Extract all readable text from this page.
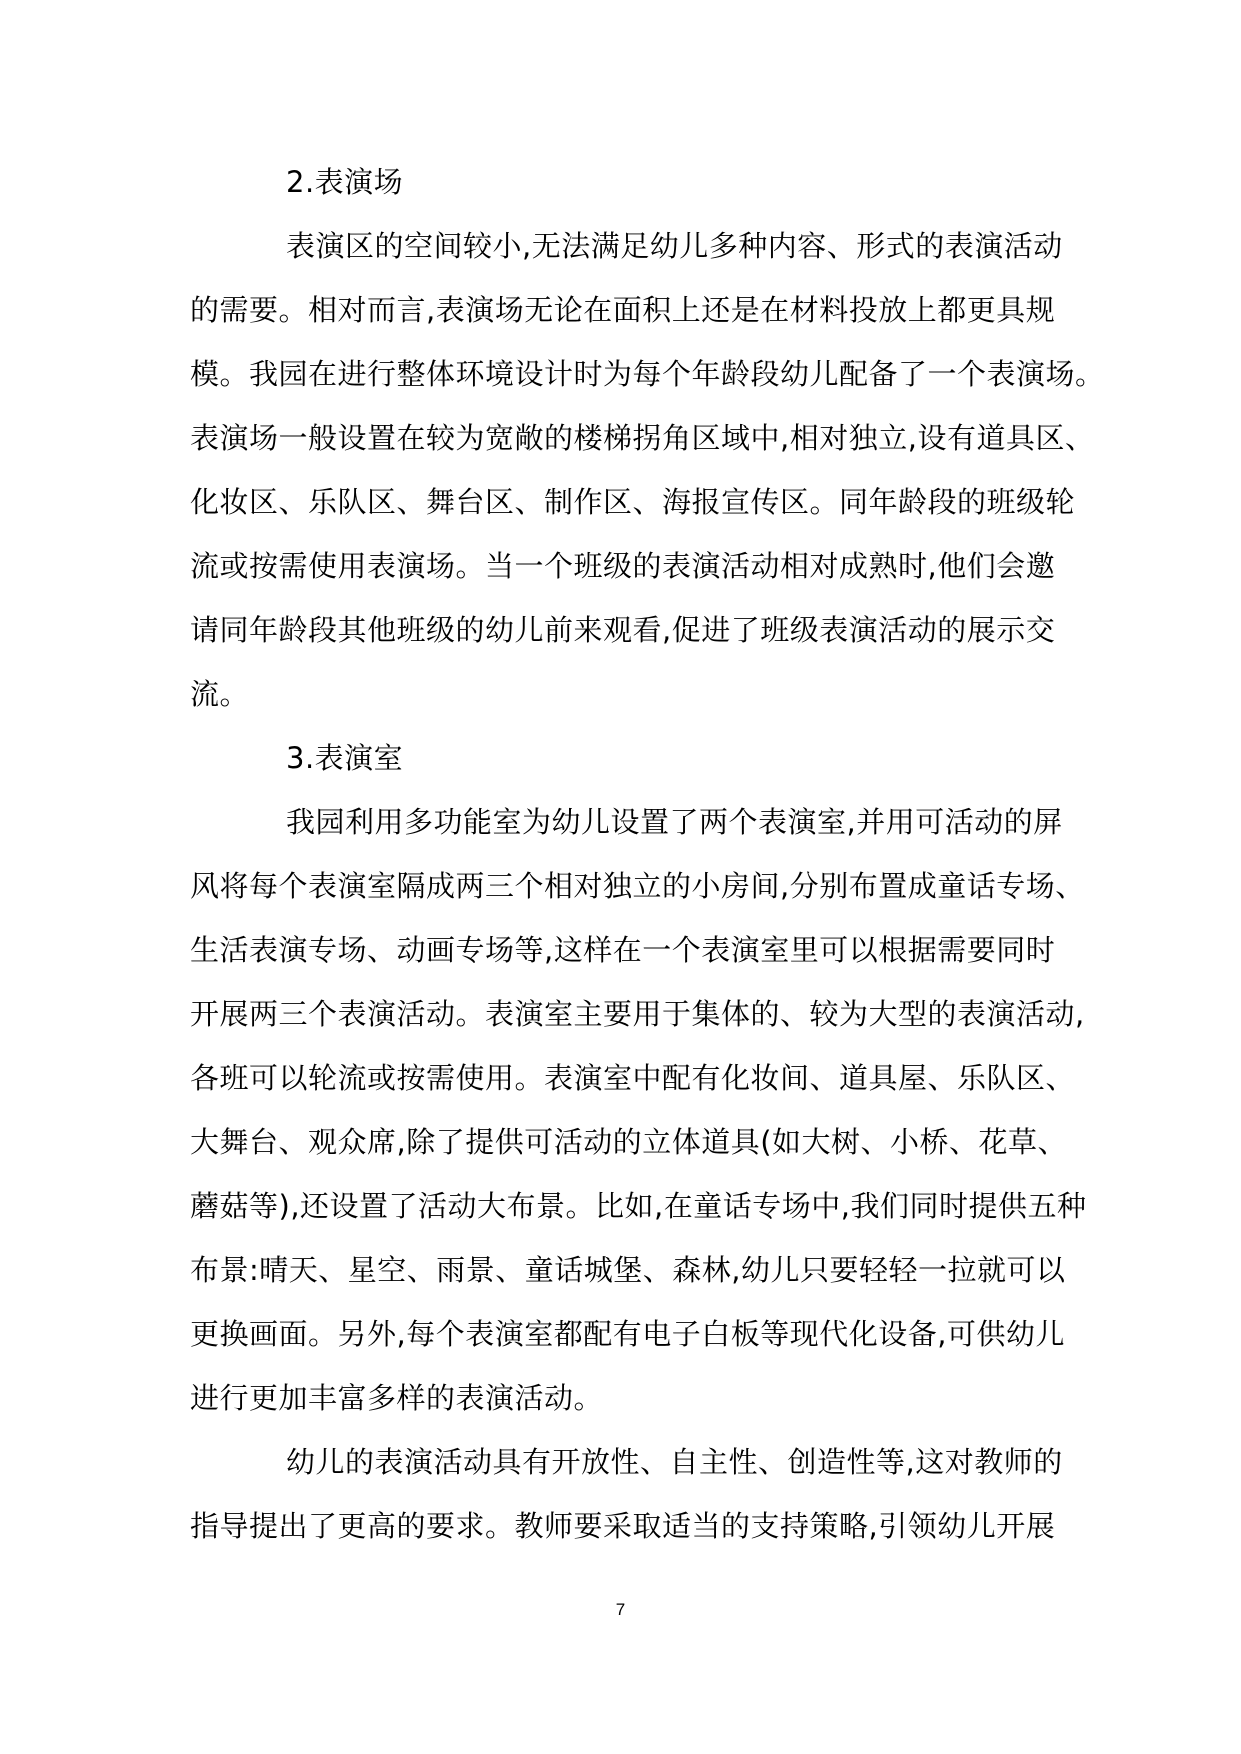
2.表演场
表演区的空间较小,无法满足幼儿多种内容、形式的表演活动
的需要。相对而言,表演场无论在面积上还是在材料投放上都更具规
模。我园在进行整体环境设计时为每个年龄段幼儿配备了一个表演场。
表演场一般设置在较为宽敞的楼梯拐角区域中,相对独立,设有道具区、
化妆区、乐队区、舞台区、制作区、海报宣传区。同年龄段的班级轮
流或按需使用表演场。当一个班级的表演活动相对成熟时,他们会邀
请同年龄段其他班级的幼儿前来观看,促进了班级表演活动的展示交
流。
3.表演室
我园利用多功能室为幼儿设置了两个表演室,并用可活动的屏
风将每个表演室隔成两三个相对独立的小房间,分别布置成童话专场、
生活表演专场、动画专场等,这样在一个表演室里可以根据需要同时
开展两三个表演活动。表演室主要用于集体的、较为大型的表演活动,
各班可以轮流或按需使用。表演室中配有化妆间、道具屋、乐队区、
大舞台、观众席,除了提供可活动的立体道具(如大树、小桥、花草、
蘑菇等),还设置了活动大布景。比如,在童话专场中,我们同时提供五种
布景:晴天、星空、雨景、童话城堡、森林,幼儿只要轻轻一拉就可以
更换画面。另外,每个表演室都配有电子白板等现代化设备,可供幼儿
进行更加丰富多样的表演活动。
幼儿的表演活动具有开放性、自主性、创造性等,这对教师的
指导提出了更高的要求。教师要采取适当的支持策略,引领幼儿开展
7
